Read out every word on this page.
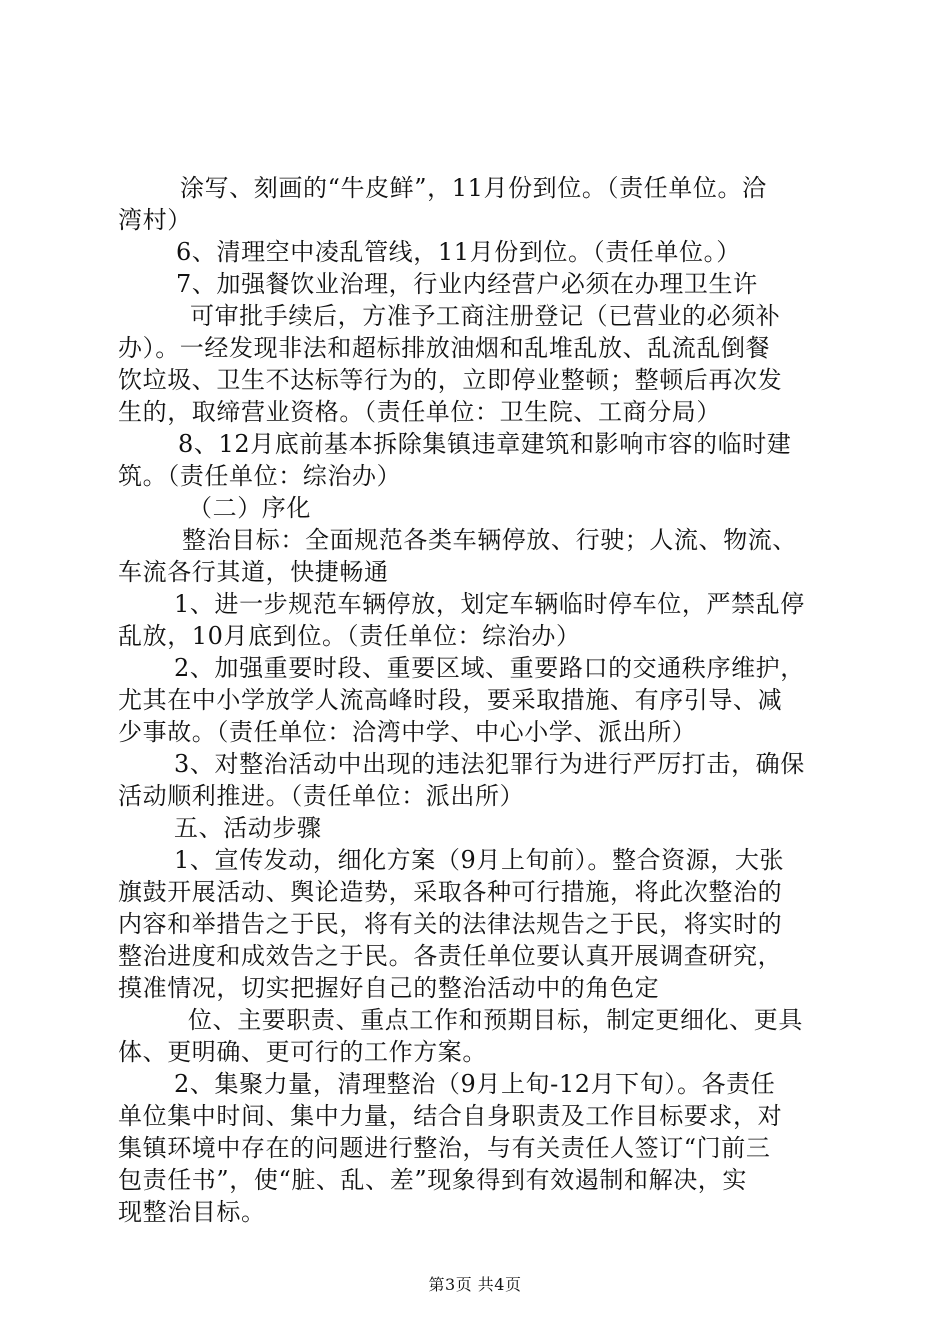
涂写、刻画的“牛皮鲜”，11月份到位。（责任单位。洽
湾村）
6、清理空中凌乱管线，11月份到位。（责任单位。）
7、加强餐饮业治理，行业内经营户必须在办理卫生许
可审批手续后，方准予工商注册登记（已营业的必须补
办）。一经发现非法和超标排放油烟和乱堆乱放、乱流乱倒餐
饮垃圾、卫生不达标等行为的，立即停业整顿；整顿后再次发
生的，取缔营业资格。（责任单位：卫生院、工商分局）
8、12月底前基本拆除集镇违章建筑和影响市容的临时建
筑。（责任单位：综治办）
（二）序化
整治目标：全面规范各类车辆停放、行驶；人流、物流、
车流各行其道，快捷畅通
1、进一步规范车辆停放，划定车辆临时停车位，严禁乱停
乱放，10月底到位。（责任单位：综治办）
2、加强重要时段、重要区域、重要路口的交通秩序维护，
尤其在中小学放学人流高峰时段，要采取措施、有序引导、减
少事故。（责任单位：洽湾中学、中心小学、派出所）
3、对整治活动中出现的违法犯罪行为进行严厉打击，确保
活动顺利推进。（责任单位：派出所）
五、活动步骤
1、宣传发动，细化方案（9月上旬前）。整合资源，大张
旗鼓开展活动、舆论造势，采取各种可行措施，将此次整治的
内容和举措告之于民，将有关的法律法规告之于民，将实时的
整治进度和成效告之于民。各责任单位要认真开展调查研究，
摸准情况，切实把握好自己的整治活动中的角色定
位、主要职责、重点工作和预期目标，制定更细化、更具
体、更明确、更可行的工作方案。
2、集聚力量，清理整治（9月上旬-12月下旬）。各责任
单位集中时间、集中力量，结合自身职责及工作目标要求，对
集镇环境中存在的问题进行整治，与有关责任人签订“门前三
包责任书”，使“脏、乱、差”现象得到有效遏制和解决，实
现整治目标。
第3页 共4页
